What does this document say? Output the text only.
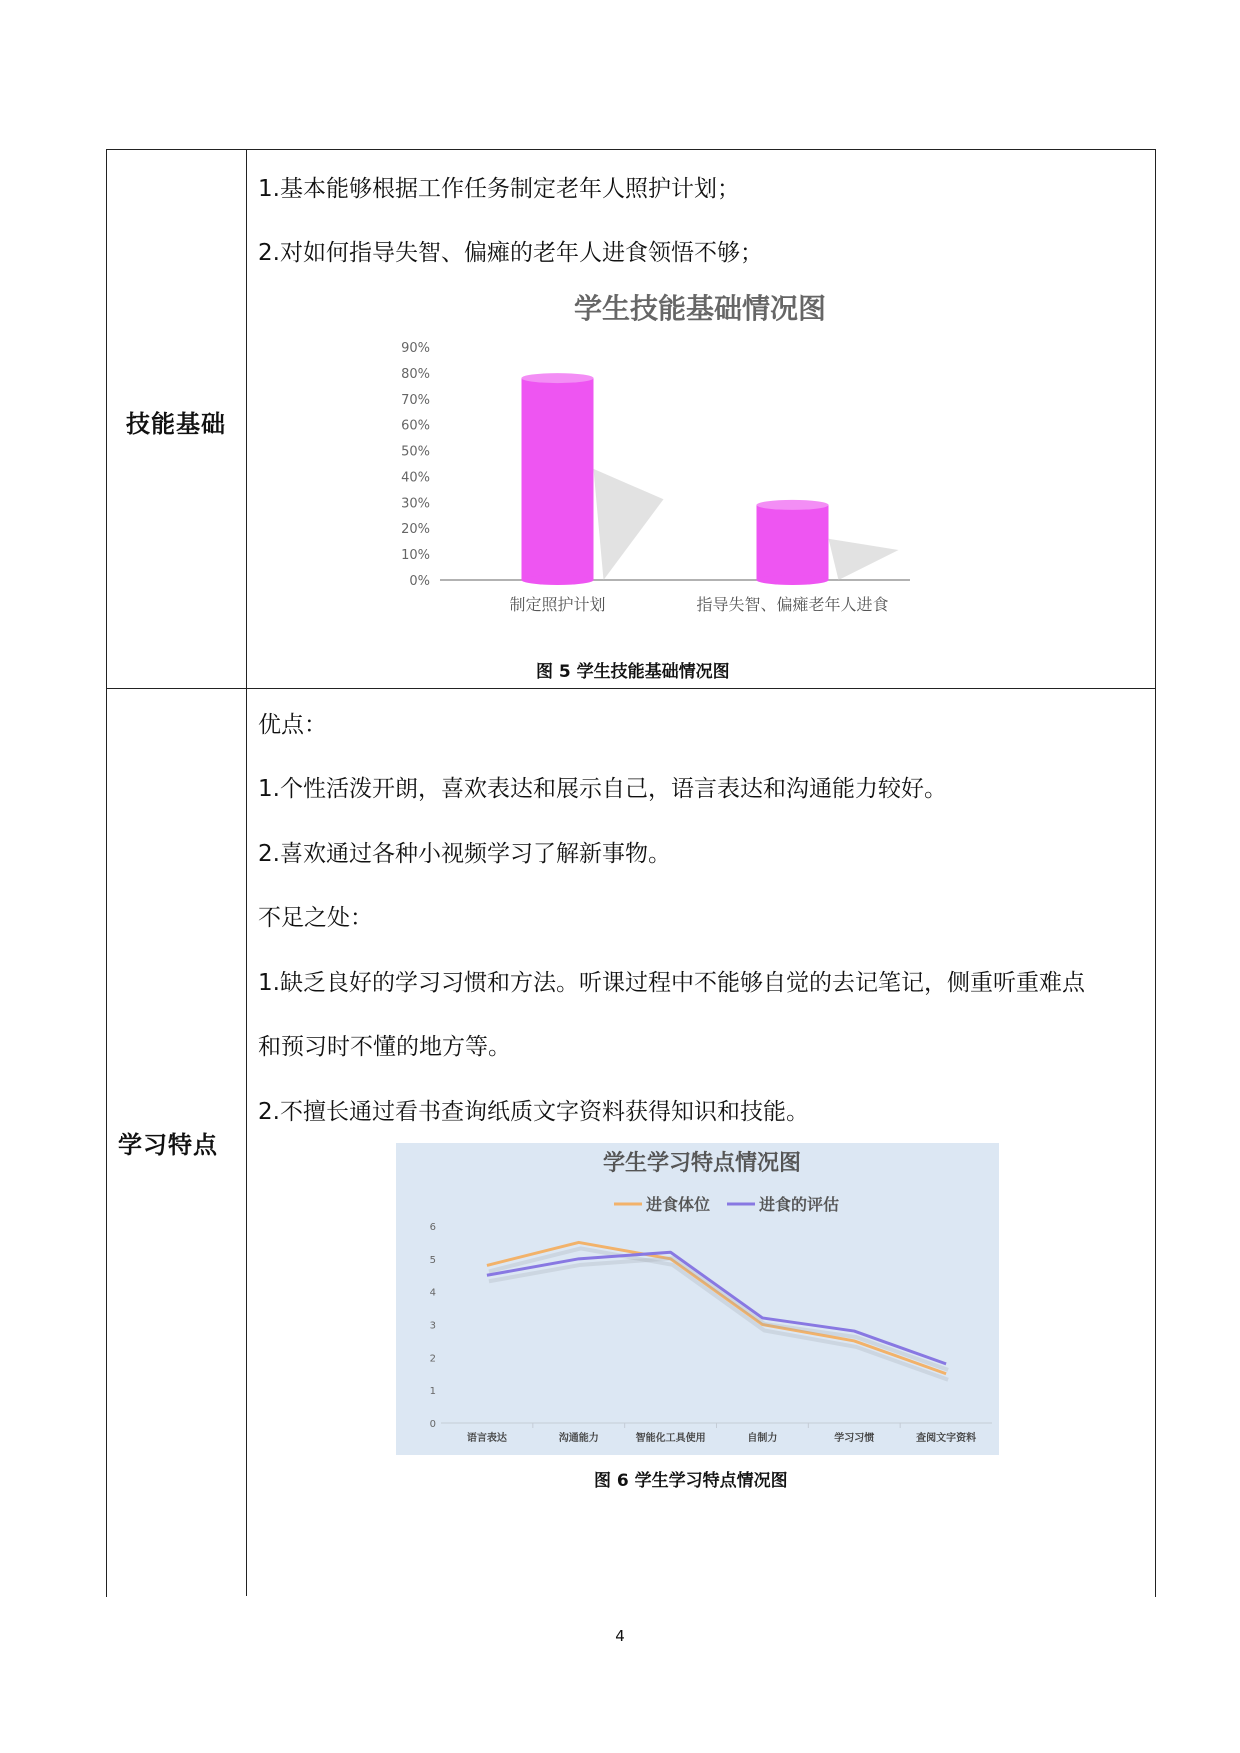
技能基础
1.基本能够根据工作任务制定老年人照护计划；
2.对如何指导失智、偏瘫的老年人进食领悟不够；
学生技能基础情况图
0%
10%
20%
30%
40%
50%
60%
70%
80%
90%
制定照护计划	指导失智、偏瘫老年人进食
图 5 学生技能基础情况图
学习特点
优点：
1.个性活泼开朗，喜欢表达和展示自己，语言表达和沟通能力较好。
2.喜欢通过各种小视频学习了解新事物。
不足之处：
1.缺乏良好的学习习惯和方法。听课过程中不能够自觉的去记笔记，侧重听重难点
和预习时不懂的地方等。
2.不擅长通过看书查询纸质文字资料获得知识和技能。
学生学习特点情况图
进食体位	进食的评估
0
1
2
3
4
5
6
语言表达	沟通能力	智能化工具使用	自制力	学习习惯	查阅文字资料
图 6 学生学习特点情况图
4
